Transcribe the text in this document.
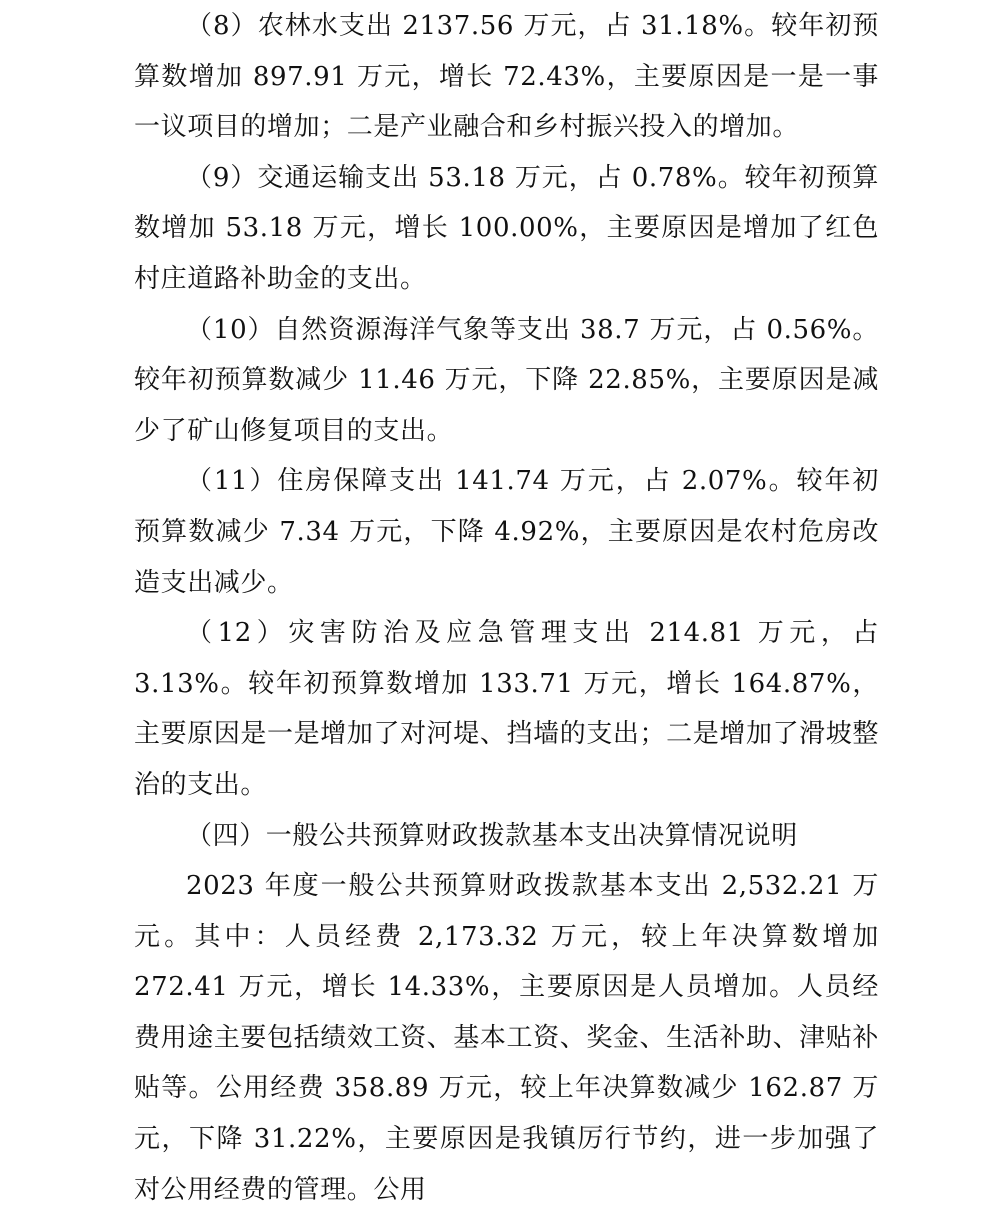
（8）农林水支出 2137.56 万元，占 31.18%。较年初预算数增加 897.91 万元，增长 72.43%，主要原因是一是一事一议项目的增加；二是产业融合和乡村振兴投入的增加。

（9）交通运输支出 53.18 万元，占 0.78%。较年初预算数增加 53.18 万元，增长 100.00%，主要原因是增加了红色村庄道路补助金的支出。

（10）自然资源海洋气象等支出 38.7 万元，占 0.56%。较年初预算数减少 11.46 万元，下降 22.85%，主要原因是减少了矿山修复项目的支出。

（11）住房保障支出 141.74 万元，占 2.07%。较年初预算数减少 7.34 万元，下降 4.92%，主要原因是农村危房改造支出减少。

（12）灾害防治及应急管理支出 214.81 万元，占 3.13%。较年初预算数增加 133.71 万元，增长 164.87%，主要原因是一是增加了对河堤、挡墙的支出；二是增加了滑坡整治的支出。

（四）一般公共预算财政拨款基本支出决算情况说明

2023 年度一般公共预算财政拨款基本支出 2,532.21 万元。其中：人员经费 2,173.32 万元，较上年决算数增加 272.41 万元，增长 14.33%，主要原因是人员增加。人员经费用途主要包括绩效工资、基本工资、奖金、生活补助、津贴补贴等。公用经费 358.89 万元，较上年决算数减少 162.87 万元，下降 31.22%，主要原因是我镇厉行节约，进一步加强了对公用经费的管理。公用
